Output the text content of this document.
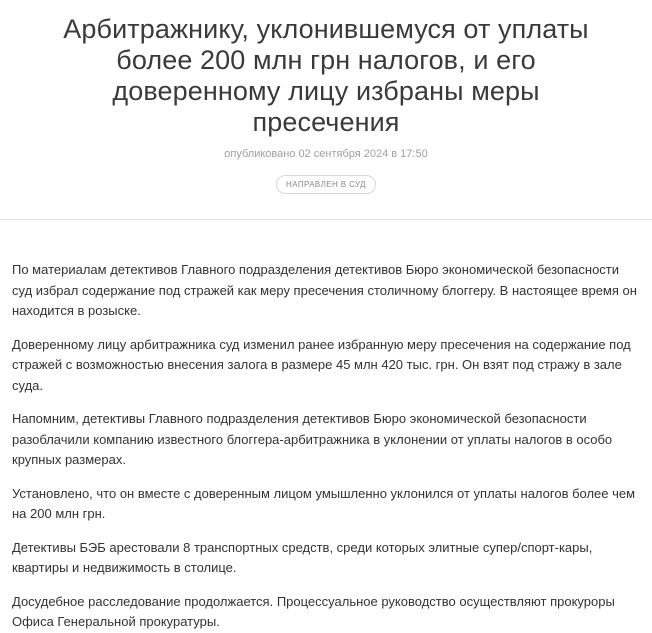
Арбитражнику, уклонившемуся от уплаты более 200 млн грн налогов, и его доверенному лицу избраны меры пресечения
опубликовано 02 сентября 2024 в 17:50
НАПРАВЛЕН В СУД

По материалам детективов Главного подразделения детективов Бюро экономической безопасности суд избрал содержание под стражей как меру пресечения столичному блоггеру. В настоящее время он находится в розыске.

Доверенному лицу арбитражника суд изменил ранее избранную меру пресечения на содержание под стражей с возможностью внесения залога в размере 45 млн 420 тыс. грн. Он взят под стражу в зале суда.

Напомним, детективы Главного подразделения детективов Бюро экономической безопасности разоблачили компанию известного блоггера-арбитражника в уклонении от уплаты налогов в особо крупных размерах.

Установлено, что он вместе с доверенным лицом умышленно уклонился от уплаты налогов более чем на 200 млн грн.

Детективы БЭБ арестовали 8 транспортных средств, среди которых элитные супер/спорт-кары, квартиры и недвижимость в столице.

Досудебное расследование продолжается. Процессуальное руководство осуществляют прокуроры Офиса Генеральной прокуратуры.
